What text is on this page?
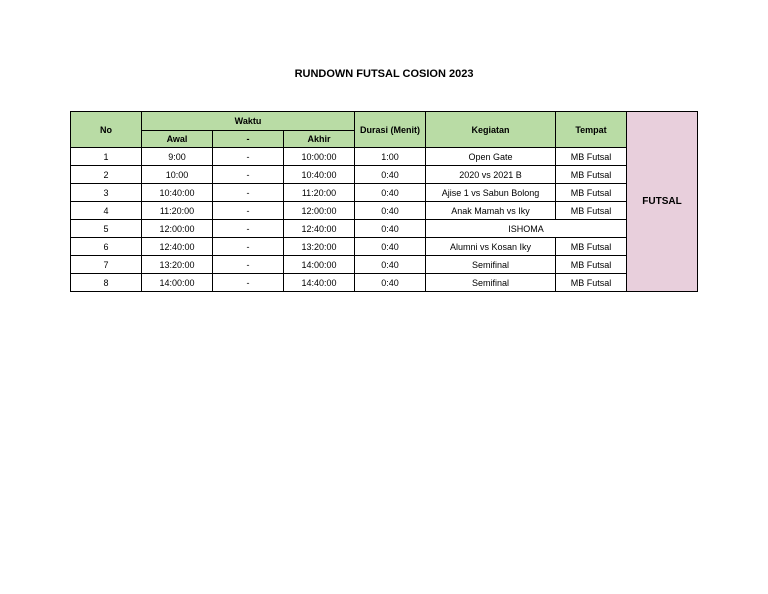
RUNDOWN FUTSAL COSION 2023
No	Waktu			Durasi (Menit)	Kegiatan	Tempat	FUTSAL
	Awal	-	Akhir				
1	9:00	-	10:00:00	1:00	Open Gate	MB Futsal	
2	10:00	-	10:40:00	0:40	2020 vs 2021 B	MB Futsal	
3	10:40:00	-	11:20:00	0:40	Ajise 1 vs Sabun Bolong	MB Futsal	
4	11:20:00	-	12:00:00	0:40	Anak Mamah vs Iky	MB Futsal	
5	12:00:00	-	12:40:00	0:40	ISHOMA		
6	12:40:00	-	13:20:00	0:40	Alumni vs Kosan Iky	MB Futsal	
7	13:20:00	-	14:00:00	0:40	Semifinal	MB Futsal	
8	14:00:00	-	14:40:00	0:40	Semifinal	MB Futsal	
